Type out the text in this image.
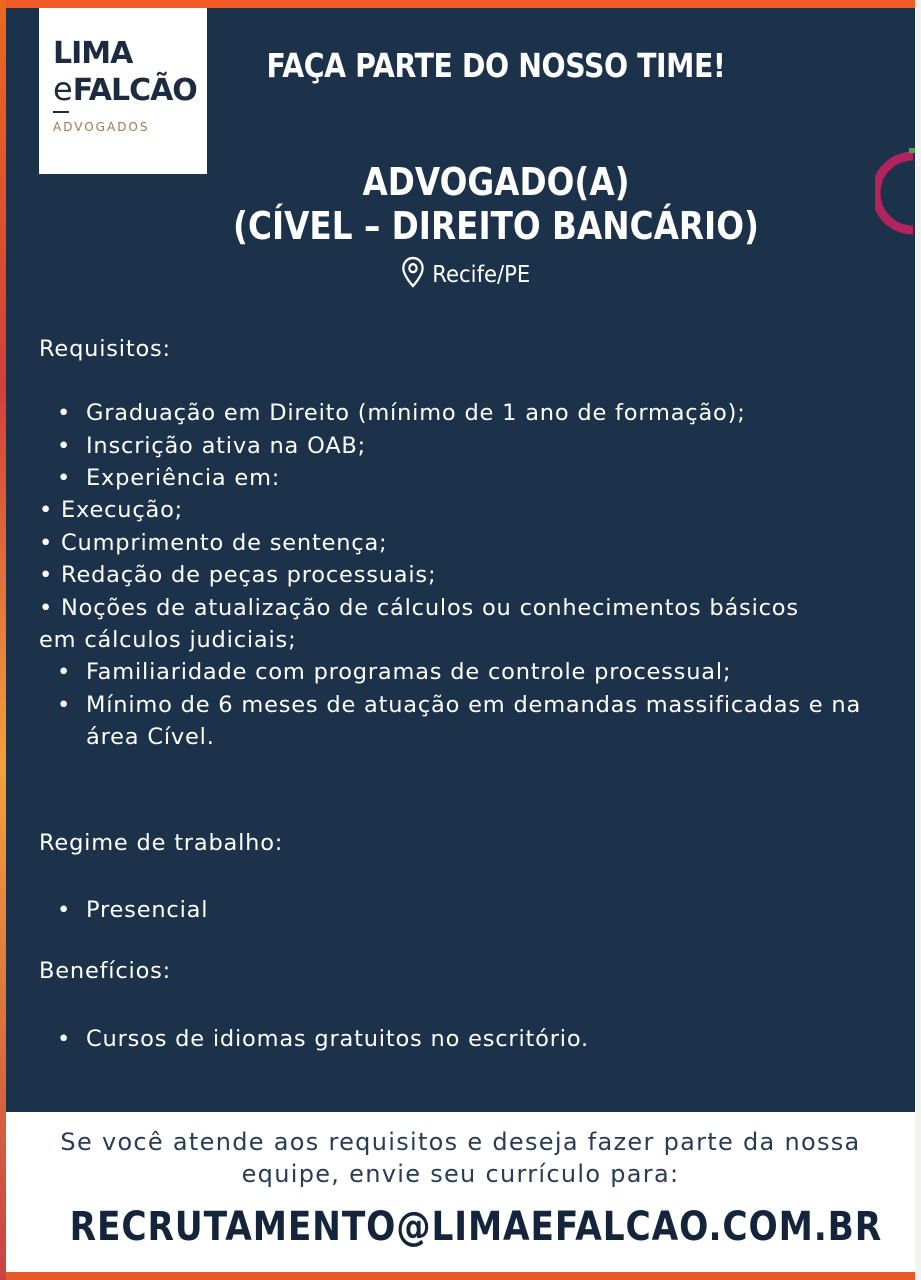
LIMA
eFALCÃO
ADVOGADOS
FAÇA PARTE DO NOSSO TIME!
ADVOGADO(A)
(CÍVEL – DIREITO BANCÁRIO)
Recife/PE
Requisitos:
• Graduação em Direito (mínimo de 1 ano de formação);
• Inscrição ativa na OAB;
• Experiência em:
• Execução;
• Cumprimento de sentença;
• Redação de peças processuais;
• Noções de atualização de cálculos ou conhecimentos básicos em cálculos judiciais;
• Familiaridade com programas de controle processual;
• Mínimo de 6 meses de atuação em demandas massificadas e na área Cível.
Regime de trabalho:
• Presencial
Benefícios:
• Cursos de idiomas gratuitos no escritório.
Se você atende aos requisitos e deseja fazer parte da nossa equipe, envie seu currículo para:
RECRUTAMENTO@LIMAEFALCAO.COM.BR
